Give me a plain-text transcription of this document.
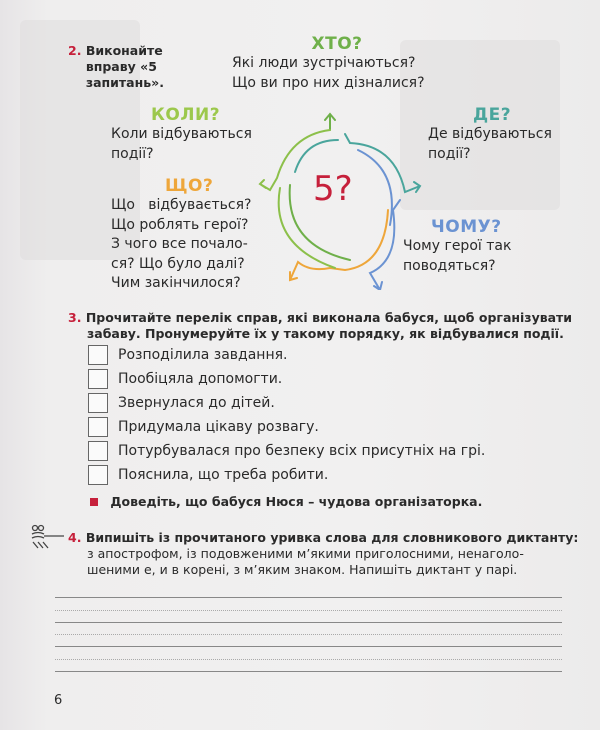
2. Виконайте вправу «5 запитань».
ХТО?
Які люди зустрічаються?
Що ви про них дізналися?
КОЛИ?
Коли відбуваються
події?
ДЕ?
Де відбуваються
події?
ЩО?
Що   відбувається?
Що роблять герої?
З чого все почало-
ся? Що було далі?
Чим закінчилося?
ЧОМУ?
Чому герої так
поводяться?
5?
3. Прочитайте перелік справ, які виконала бабуся, щоб організувати
забаву. Пронумеруйте їх у такому порядку, як відбувалися події.
Розподілила завдання.
Пообіцяла допомогти.
Звернулася до дітей.
Придумала цікаву розвагу.
Потурбувалася про безпеку всіх присутніх на грі.
Пояснила, що треба робити.
Доведіть, що бабуся Нюся – чудова організаторка.
4. Випишіть із прочитаного уривка слова для словникового диктанту:
з апострофом, із подовженими м’якими приголосними, ненаголо-
шеними е, и в корені, з м’яким знаком. Напишіть диктант у парі.
6
